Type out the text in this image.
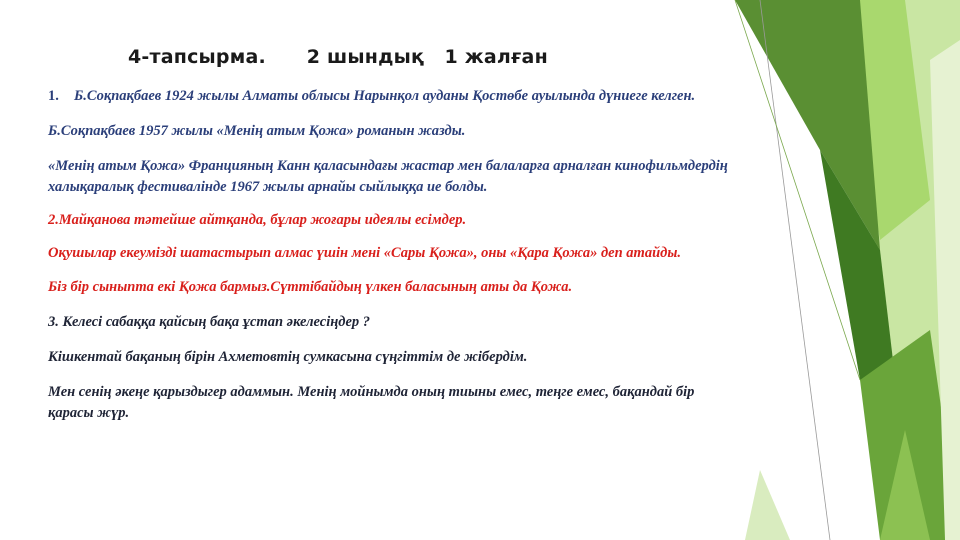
4-тапсырма.      2 шындық   1 жалған

1.	Б.Соқпақбаев 1924 жылы Алматы облысы Нарынқол ауданы Қостөбе ауылында дүниеге келген.

Б.Соқпақбаев 1957 жылы «Менің атым Қожа» романын жазды.

«Менің атым Қожа» Францияның Канн қаласындағы жастар мен балаларға арналған кинофильмдердің халықаралық фестивалінде 1967 жылы арнайы сыйлыққа ие болды.

2.Майқанова тәтейше айтқанда, бұлар жоғары идеялы есімдер.

Оқушылар екеумізді шатастырып алмас үшін мені «Сары Қожа», оны «Қара Қожа» деп атайды.

Біз бір сыныпта екі Қожа бармыз.Сүттібайдың үлкен баласының аты да Қожа.

3. Келесі сабаққа қайсың бақа ұстап әкелесіңдер ?

Кішкентай бақаның бірін Ахметовтің сумкасына сүңгіттім де жібердім.

Мен сенің әкеңе қарыздыгер адаммын. Менің мойнымда оның тиыны емес, теңге емес, бақандай бір қарасы жүр.
